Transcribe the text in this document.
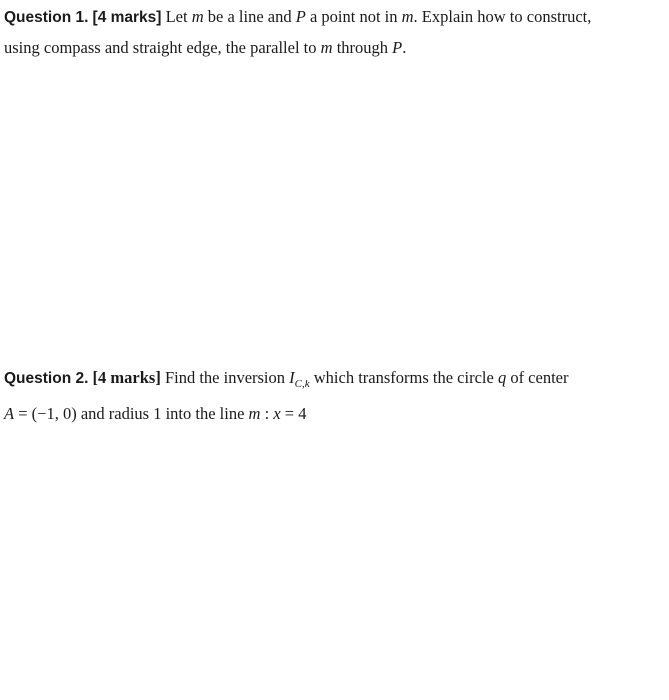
Question 1. [4 marks] Let m be a line and P a point not in m. Explain how to construct,
using compass and straight edge, the parallel to m through P.
Question 2. [4 marks] Find the inversion $I_{C,k}$ which transforms the circle q of center
A = (−1, 0) and radius 1 into the line m : x = 4
